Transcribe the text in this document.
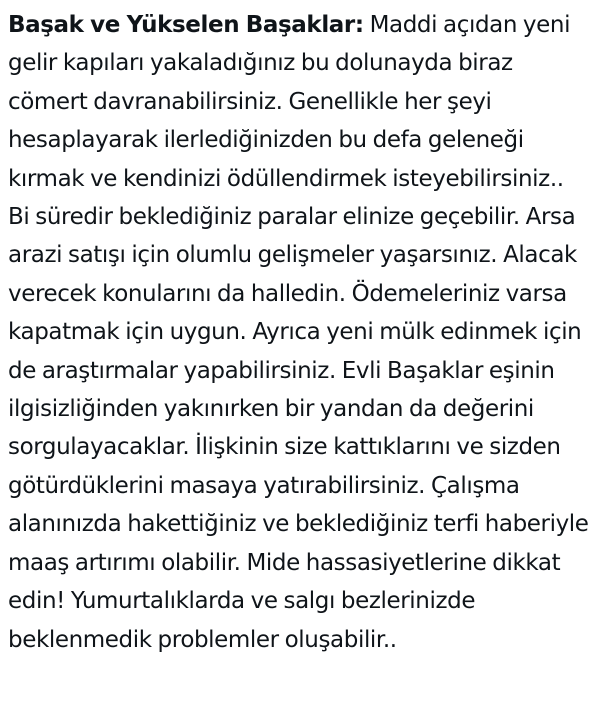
Başak ve Yükselen Başaklar: Maddi açıdan yeni gelir kapıları yakaladığınız bu dolunayda biraz cömert davranabilirsiniz. Genellikle her şeyi hesaplayarak ilerlediğinizden bu defa geleneği kırmak ve kendinizi ödüllendirmek isteyebilirsiniz.. Bi süredir beklediğiniz paralar elinize geçebilir. Arsa arazi satışı için olumlu gelişmeler yaşarsınız. Alacak verecek konularını da halledin. Ödemeleriniz varsa kapatmak için uygun. Ayrıca yeni mülk edinmek için de araştırmalar yapabilirsiniz. Evli Başaklar eşinin ilgisizliğinden yakınırken bir yandan da değerini sorgulayacaklar. İlişkinin size kattıklarını ve sizden götürdüklerini masaya yatırabilirsiniz. Çalışma alanınızda hakettiğiniz ve beklediğiniz terfi haberiyle maaş artırımı olabilir. Mide hassasiyetlerine dikkat edin! Yumurtalıklarda ve salgı bezlerinizde beklenmedik problemler oluşabilir..
